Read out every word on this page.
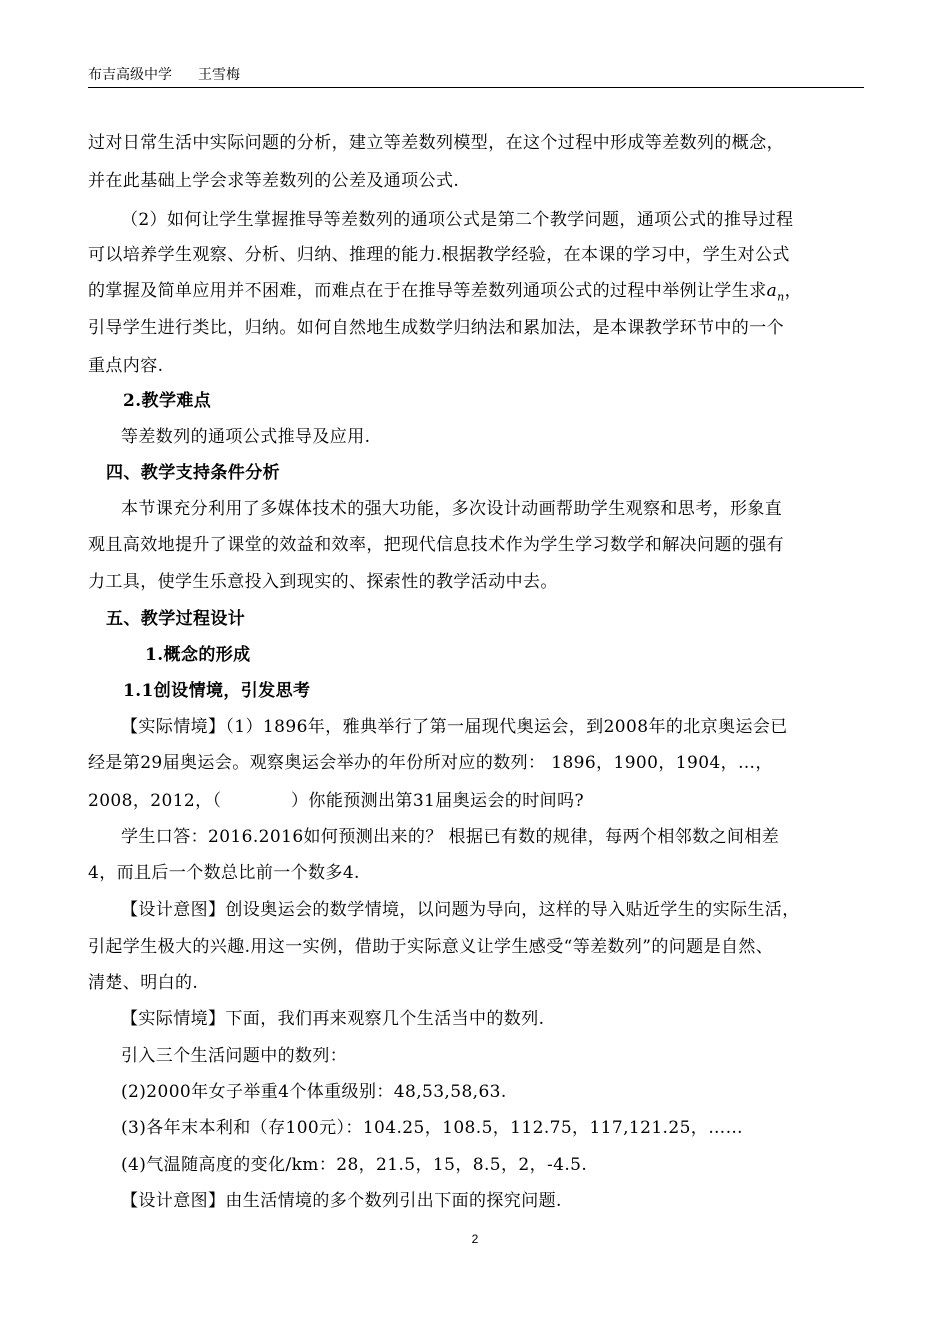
布吉高级中学 王雪梅
过对日常生活中实际问题的分析，建立等差数列模型，在这个过程中形成等差数列的概念，
并在此基础上学会求等差数列的公差及通项公式.
（2）如何让学生掌握推导等差数列的通项公式是第二个教学问题，通项公式的推导过程
可以培养学生观察、分析、归纳、推理的能力.根据教学经验，在本课的学习中，学生对公式
的掌握及简单应用并不困难，而难点在于在推导等差数列通项公式的过程中举例让学生求$a_n$，
引导学生进行类比，归纳。如何自然地生成数学归纳法和累加法，是本课教学环节中的一个
重点内容.
2.教学难点
等差数列的通项公式推导及应用.
四、教学支持条件分析
本节课充分利用了多媒体技术的强大功能，多次设计动画帮助学生观察和思考，形象直
观且高效地提升了课堂的效益和效率，把现代信息技术作为学生学习数学和解决问题的强有
力工具，使学生乐意投入到现实的、探索性的教学活动中去。
五、教学过程设计
1.概念的形成
1.1创设情境，引发思考
【实际情境】（1）1896年，雅典举行了第一届现代奥运会，到2008年的北京奥运会已
经是第29届奥运会。观察奥运会举办的年份所对应的数列： 1896，1900，1904，…，
2008，2012，（　　　　）你能预测出第31届奥运会的时间吗?
学生口答：2016.2016如何预测出来的？ 根据已有数的规律，每两个相邻数之间相差
4，而且后一个数总比前一个数多4.
【设计意图】创设奥运会的数学情境，以问题为导向，这样的导入贴近学生的实际生活，
引起学生极大的兴趣.用这一实例，借助于实际意义让学生感受“等差数列”的问题是自然、
清楚、明白的.
【实际情境】下面，我们再来观察几个生活当中的数列.
引入三个生活问题中的数列：
(2)2000年女子举重4个体重级别：48,53,58,63.
(3)各年末本利和（存100元）：104.25，108.5，112.75，117,121.25，……
(4)气温随高度的变化/km：28，21.5，15，8.5，2，-4.5.
【设计意图】由生活情境的多个数列引出下面的探究问题.
2
